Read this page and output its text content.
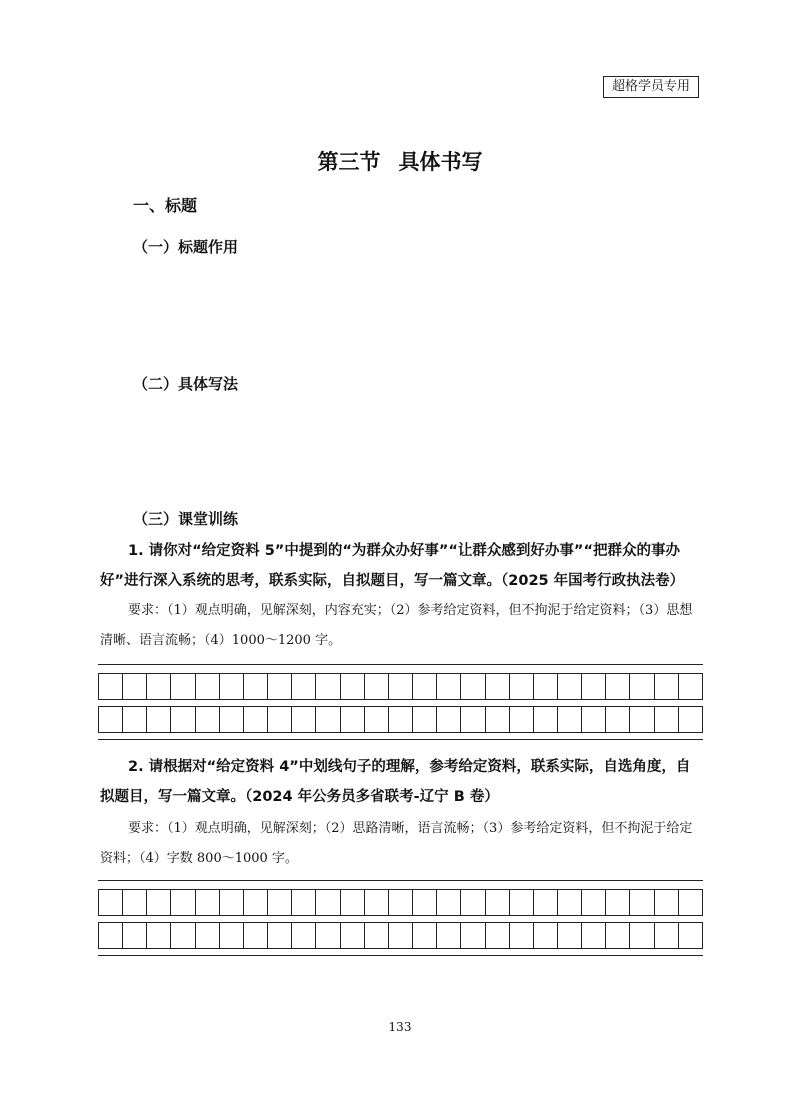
超格学员专用
第三节 具体书写
一、标题
（一）标题作用
（二）具体写法
（三）课堂训练
1. 请你对“给定资料 5”中提到的“为群众办好事”“让群众感到好办事”“把群众的事办好”进行深入系统的思考，联系实际，自拟题目，写一篇文章。（2025 年国考行政执法卷）
要求：（1）观点明确，见解深刻，内容充实；（2）参考给定资料，但不拘泥于给定资料；（3）思想清晰、语言流畅；（4）1000～1200 字。
2. 请根据对“给定资料 4”中划线句子的理解，参考给定资料，联系实际，自选角度，自拟题目，写一篇文章。（2024 年公务员多省联考-辽宁 B 卷）
要求：（1）观点明确，见解深刻；（2）思路清晰，语言流畅；（3）参考给定资料，但不拘泥于给定资料；（4）字数 800～1000 字。
133
